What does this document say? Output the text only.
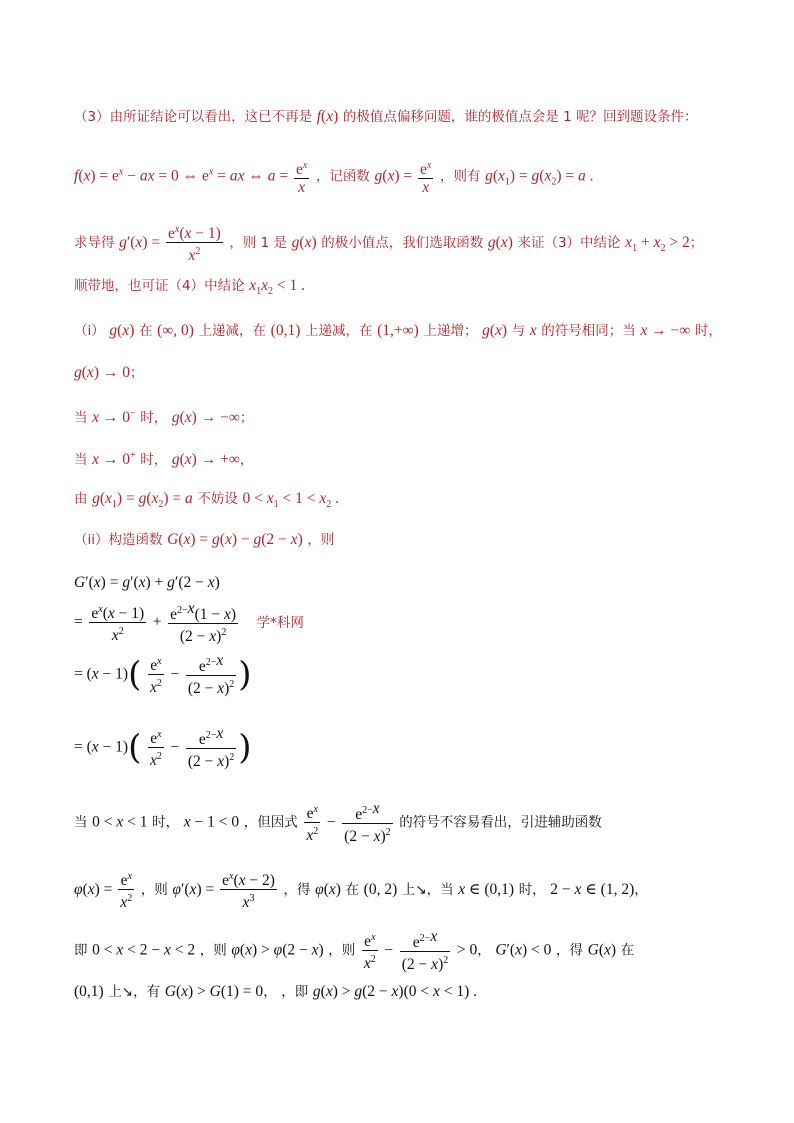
（3）由所证结论可以看出，这已不再是 f(x) 的极值点偏移问题，谁的极值点会是 1 呢？回到题设条件：
$f(x) = e^x$ − ax = 0 ⇔ $e^x$ = ax ⇔ $a = \frac{e^x}{x}$ ，记函数 $g(x) = \frac{e^x}{x}$ ，则有 $g(x_1) = g(x_2) = a$ .
求导得 $g'(x) = \frac{e^x(x - 1)}{x^2}$ ，则 1 是 g(x) 的极小值点，我们选取函数 g(x) 来证（3）中结论 $x_1 + x_2 > 2$；
顺带地，也可证（4）中结论 $x_1x_2 < 1$ .
（i） g(x) 在 (∞, 0) 上递减，在 (0,1) 上递减，在 (1,+∞) 上递增； g(x) 与 x 的符号相同；当 x → −∞ 时，
g(x) → 0；
当 x → 0− 时， g(x) → −∞；
当 x → 0+ 时， g(x) → +∞，
由 $g(x_1) = g(x_2) = a$ 不妨设 $0 < x_1 < 1 < x_2$ .
（ii）构造函数 G(x) = g(x) − g(2 − x) ，则
G′(x) = g′(x) + g′(2 − x)
= $\frac{e^x(x - 1)}{x^2} + \frac{e^{2-x}(1 - x)}{(2 - x)^2}$ 学*科网
= $(x - 1)( \frac{e^x}{x^2} - \frac{e^{2-x}}{(2 - x)^2}$ )
= $(x - 1)( \frac{e^x}{x^2} - \frac{e^{2-x}}{(2 - x)^2}$ )
当 0 < x < 1 时， x − 1 < 0 ，但因式 $\frac{e^x}{x^2} - \frac{e^{2-x}}{(2 - x)^2}$ 的符号不容易看出，引进辅助函数
$\varphi(x) = \frac{e^x}{x^2}$ ，则 $\varphi'(x) = \frac{e^x(x - 2)}{x^3}$ ，得 φ(x) 在 (0, 2) 上↘，当 x ∈ (0,1) 时， 2 − x ∈ (1, 2)，
即 0 < x < 2 − x < 2 ，则 φ(x) > φ(2 − x) ，则 $\frac{e^x}{x^2} - \frac{e^{2-x}}{(2 - x)^2} > 0$， G′(x) < 0 ，得 G(x) 在
(0,1) 上↘，有 G(x) > G(1) = 0， ，即 g(x) > g(2 − x)(0 < x < 1) .
